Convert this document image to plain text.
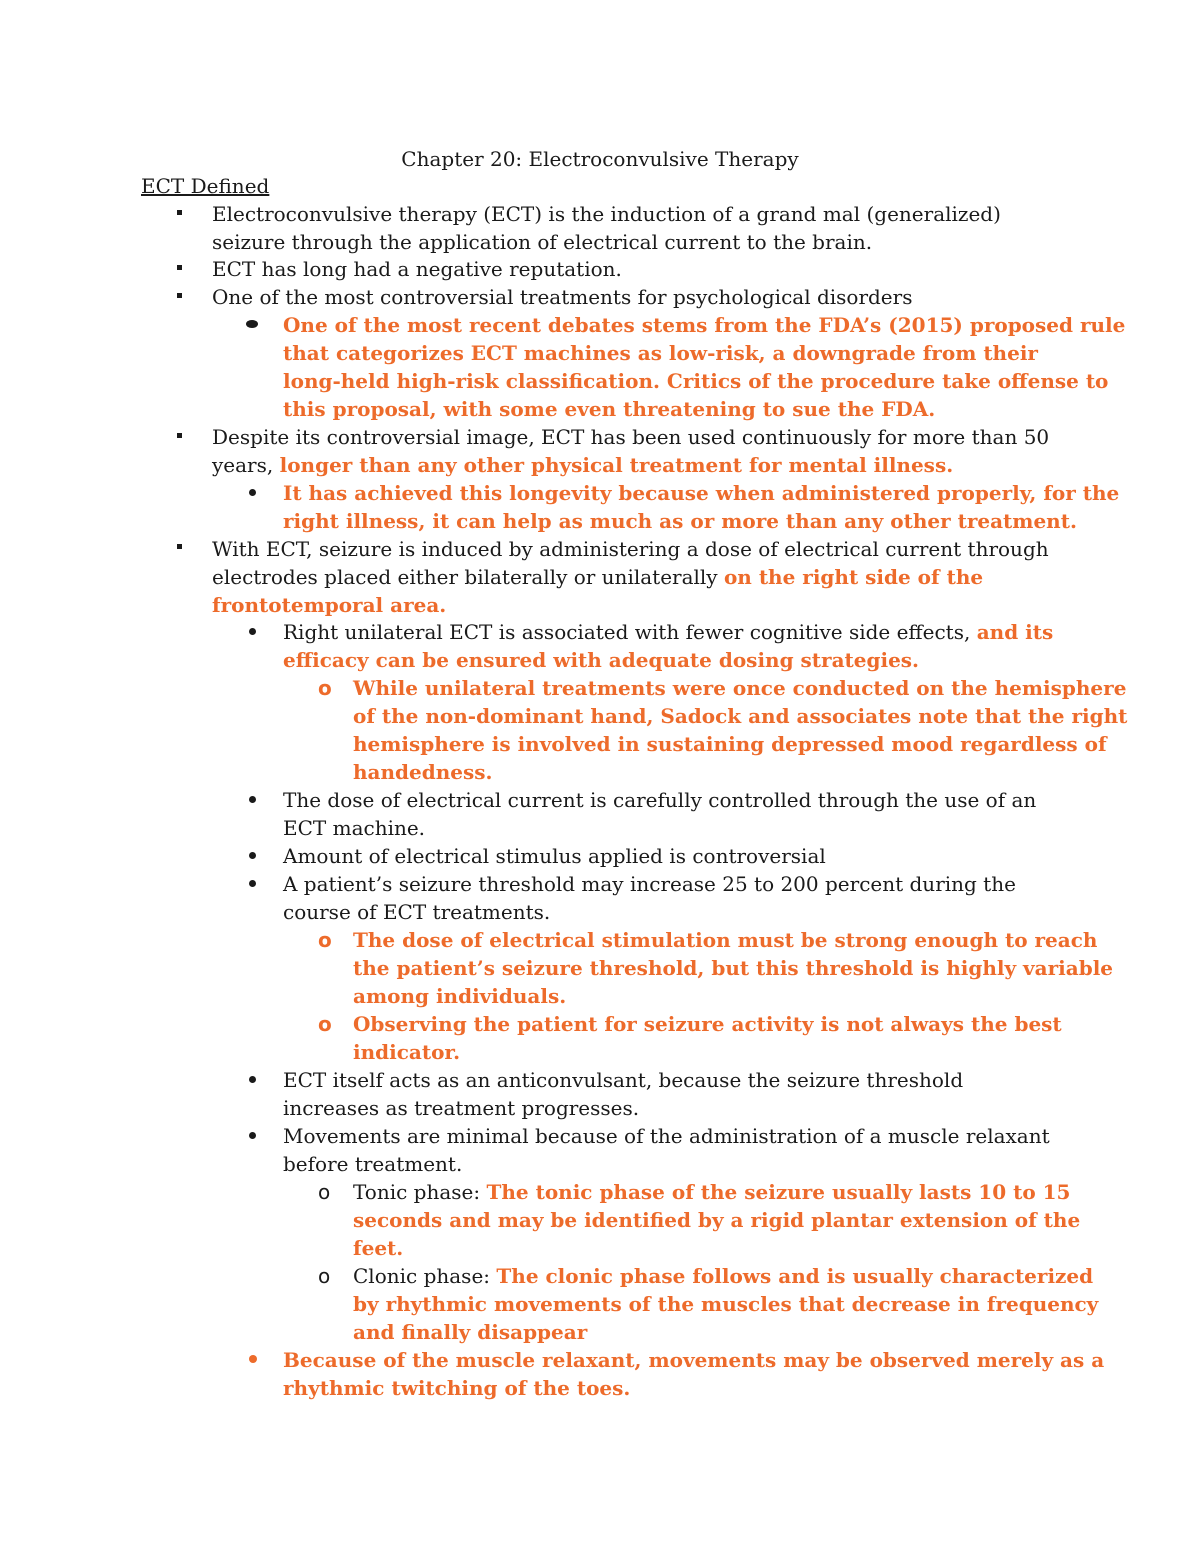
Chapter 20: Electroconvulsive Therapy
ECT Defined
Electroconvulsive therapy (ECT) is the induction of a grand mal (generalized)
seizure through the application of electrical current to the brain.
ECT has long had a negative reputation.
One of the most controversial treatments for psychological disorders
One of the most recent debates stems from the FDA’s (2015) proposed rule
that categorizes ECT machines as low-risk, a downgrade from their
long-held high-risk classification. Critics of the procedure take offense to
this proposal, with some even threatening to sue the FDA.
Despite its controversial image, ECT has been used continuously for more than 50
years, longer than any other physical treatment for mental illness.
It has achieved this longevity because when administered properly, for the
right illness, it can help as much as or more than any other treatment.
With ECT, seizure is induced by administering a dose of electrical current through
electrodes placed either bilaterally or unilaterally on the right side of the
frontotemporal area.
Right unilateral ECT is associated with fewer cognitive side effects, and its
efficacy can be ensured with adequate dosing strategies.
o While unilateral treatments were once conducted on the hemisphere
of the non-dominant hand, Sadock and associates note that the right
hemisphere is involved in sustaining depressed mood regardless of
handedness.
The dose of electrical current is carefully controlled through the use of an
ECT machine.
Amount of electrical stimulus applied is controversial
A patient’s seizure threshold may increase 25 to 200 percent during the
course of ECT treatments.
o The dose of electrical stimulation must be strong enough to reach
the patient’s seizure threshold, but this threshold is highly variable
among individuals.
o Observing the patient for seizure activity is not always the best
indicator.
ECT itself acts as an anticonvulsant, because the seizure threshold
increases as treatment progresses.
Movements are minimal because of the administration of a muscle relaxant
before treatment.
o Tonic phase: The tonic phase of the seizure usually lasts 10 to 15
seconds and may be identified by a rigid plantar extension of the
feet.
o Clonic phase: The clonic phase follows and is usually characterized
by rhythmic movements of the muscles that decrease in frequency
and finally disappear
Because of the muscle relaxant, movements may be observed merely as a
rhythmic twitching of the toes.
